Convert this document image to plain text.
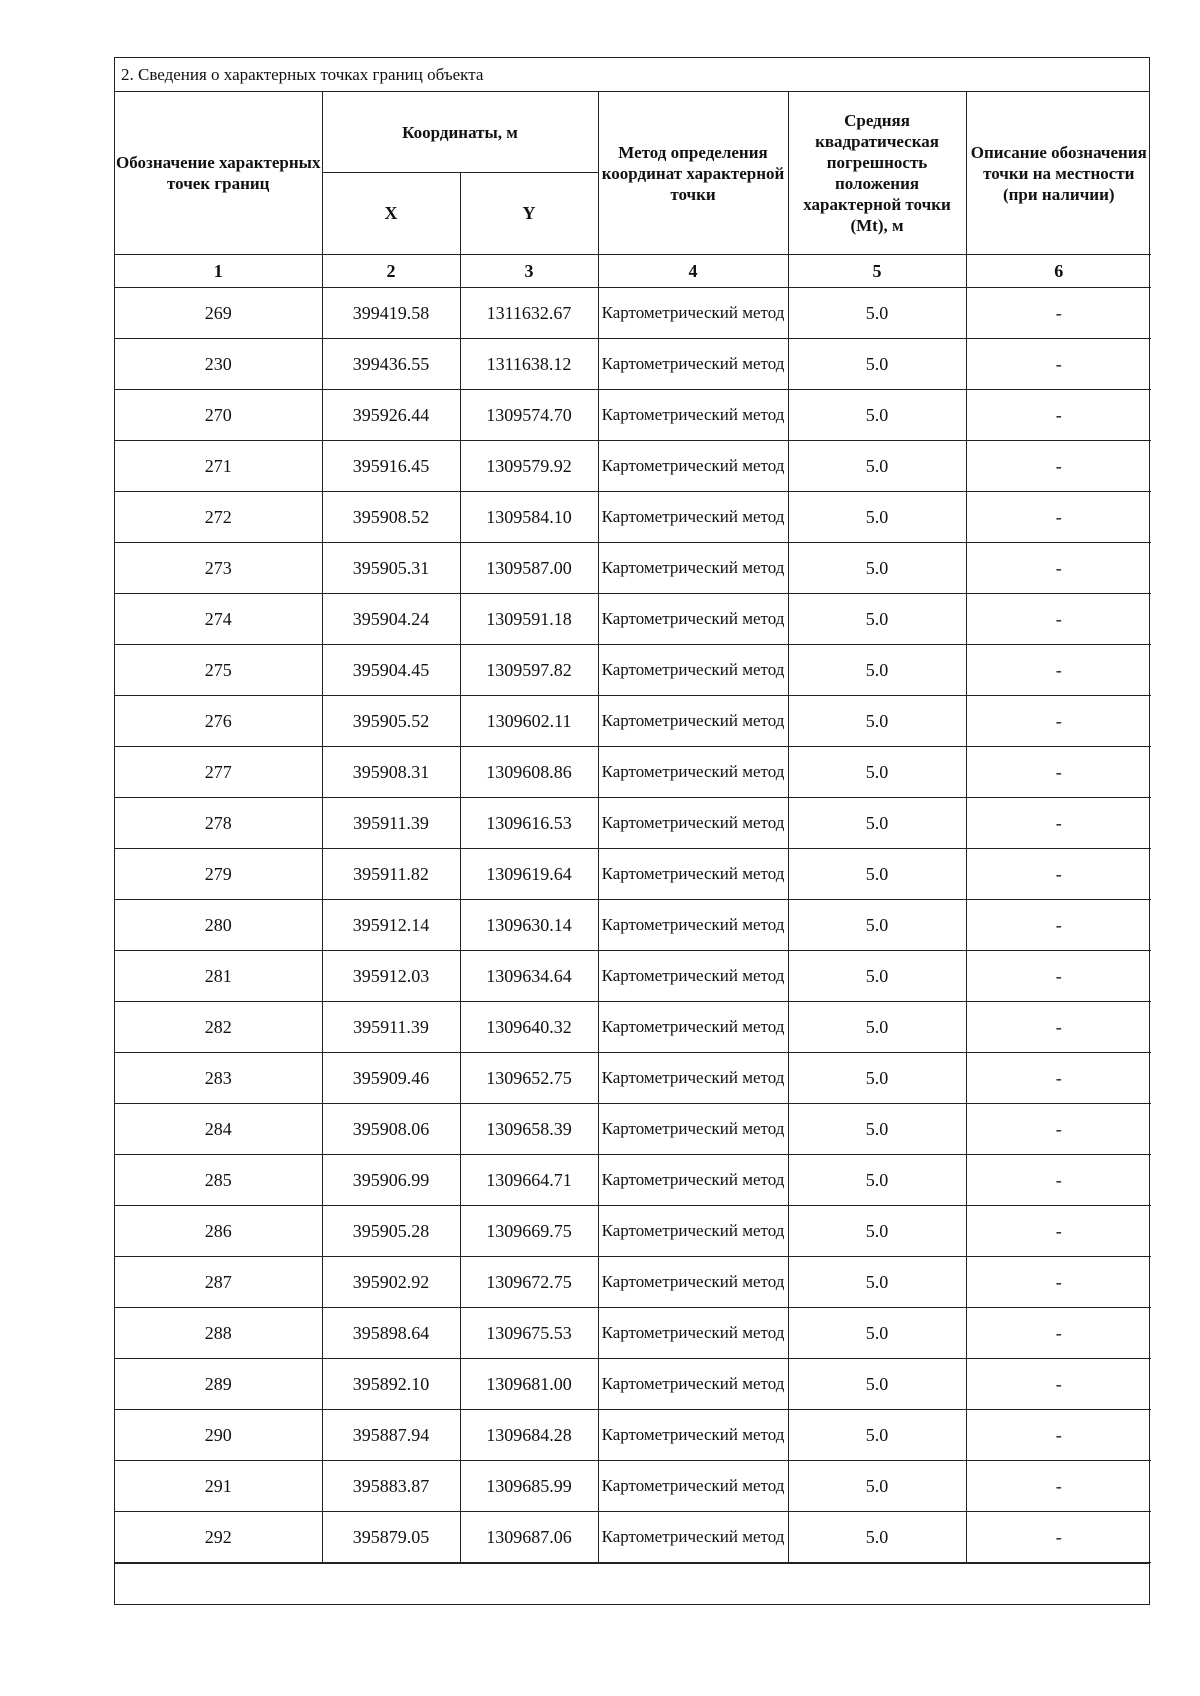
2. Сведения о характерных точках границ объекта
Обозначение характерных точек границ	Координаты, м		Метод определения координат характерной точки	Средняя квадратическая погрешность положения характерной точки (Mt), м	Описание обозначения точки на местности (при наличии)
	X	Y			
1	2	3	4	5	6
269	399419.58	1311632.67	Картометрический метод	5.0	-
230	399436.55	1311638.12	Картометрический метод	5.0	-
270	395926.44	1309574.70	Картометрический метод	5.0	-
271	395916.45	1309579.92	Картометрический метод	5.0	-
272	395908.52	1309584.10	Картометрический метод	5.0	-
273	395905.31	1309587.00	Картометрический метод	5.0	-
274	395904.24	1309591.18	Картометрический метод	5.0	-
275	395904.45	1309597.82	Картометрический метод	5.0	-
276	395905.52	1309602.11	Картометрический метод	5.0	-
277	395908.31	1309608.86	Картометрический метод	5.0	-
278	395911.39	1309616.53	Картометрический метод	5.0	-
279	395911.82	1309619.64	Картометрический метод	5.0	-
280	395912.14	1309630.14	Картометрический метод	5.0	-
281	395912.03	1309634.64	Картометрический метод	5.0	-
282	395911.39	1309640.32	Картометрический метод	5.0	-
283	395909.46	1309652.75	Картометрический метод	5.0	-
284	395908.06	1309658.39	Картометрический метод	5.0	-
285	395906.99	1309664.71	Картометрический метод	5.0	-
286	395905.28	1309669.75	Картометрический метод	5.0	-
287	395902.92	1309672.75	Картометрический метод	5.0	-
288	395898.64	1309675.53	Картометрический метод	5.0	-
289	395892.10	1309681.00	Картометрический метод	5.0	-
290	395887.94	1309684.28	Картометрический метод	5.0	-
291	395883.87	1309685.99	Картометрический метод	5.0	-
292	395879.05	1309687.06	Картометрический метод	5.0	-
